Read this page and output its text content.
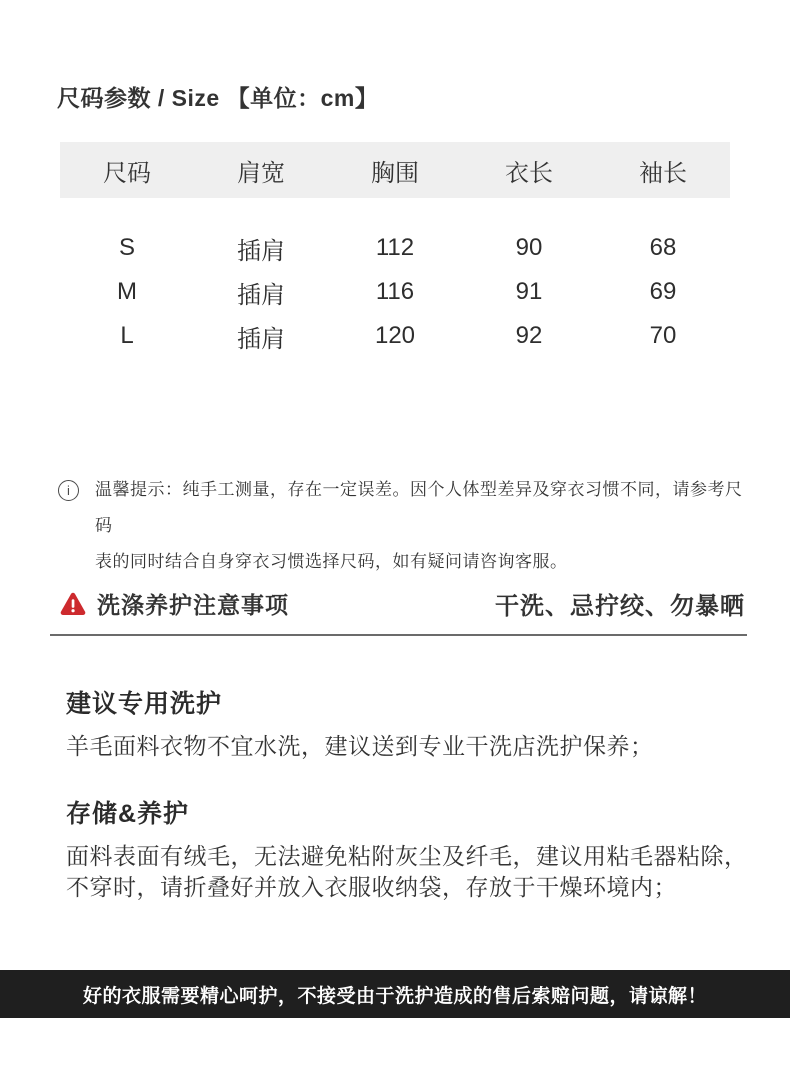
尺码参数 / Size 【单位：cm】
尺码	肩宽	胸围	衣长	袖长
S	插肩	112	90	68
M	插肩	116	91	69
L	插肩	120	92	70
i	温馨提示：纯手工测量，存在一定误差。因个人体型差异及穿衣习惯不同，请参考尺码
表的同时结合自身穿衣习惯选择尺码，如有疑问请咨询客服。
洗涤养护注意事项	干洗、忌拧绞、勿暴晒
建议专用洗护
羊毛面料衣物不宜水洗，建议送到专业干洗店洗护保养；
存储&养护
面料表面有绒毛，无法避免粘附灰尘及纤毛，建议用粘毛器粘除，
不穿时，请折叠好并放入衣服收纳袋，存放于干燥环境内；
好的衣服需要精心呵护，不接受由于洗护造成的售后索赔问题，请谅解！
